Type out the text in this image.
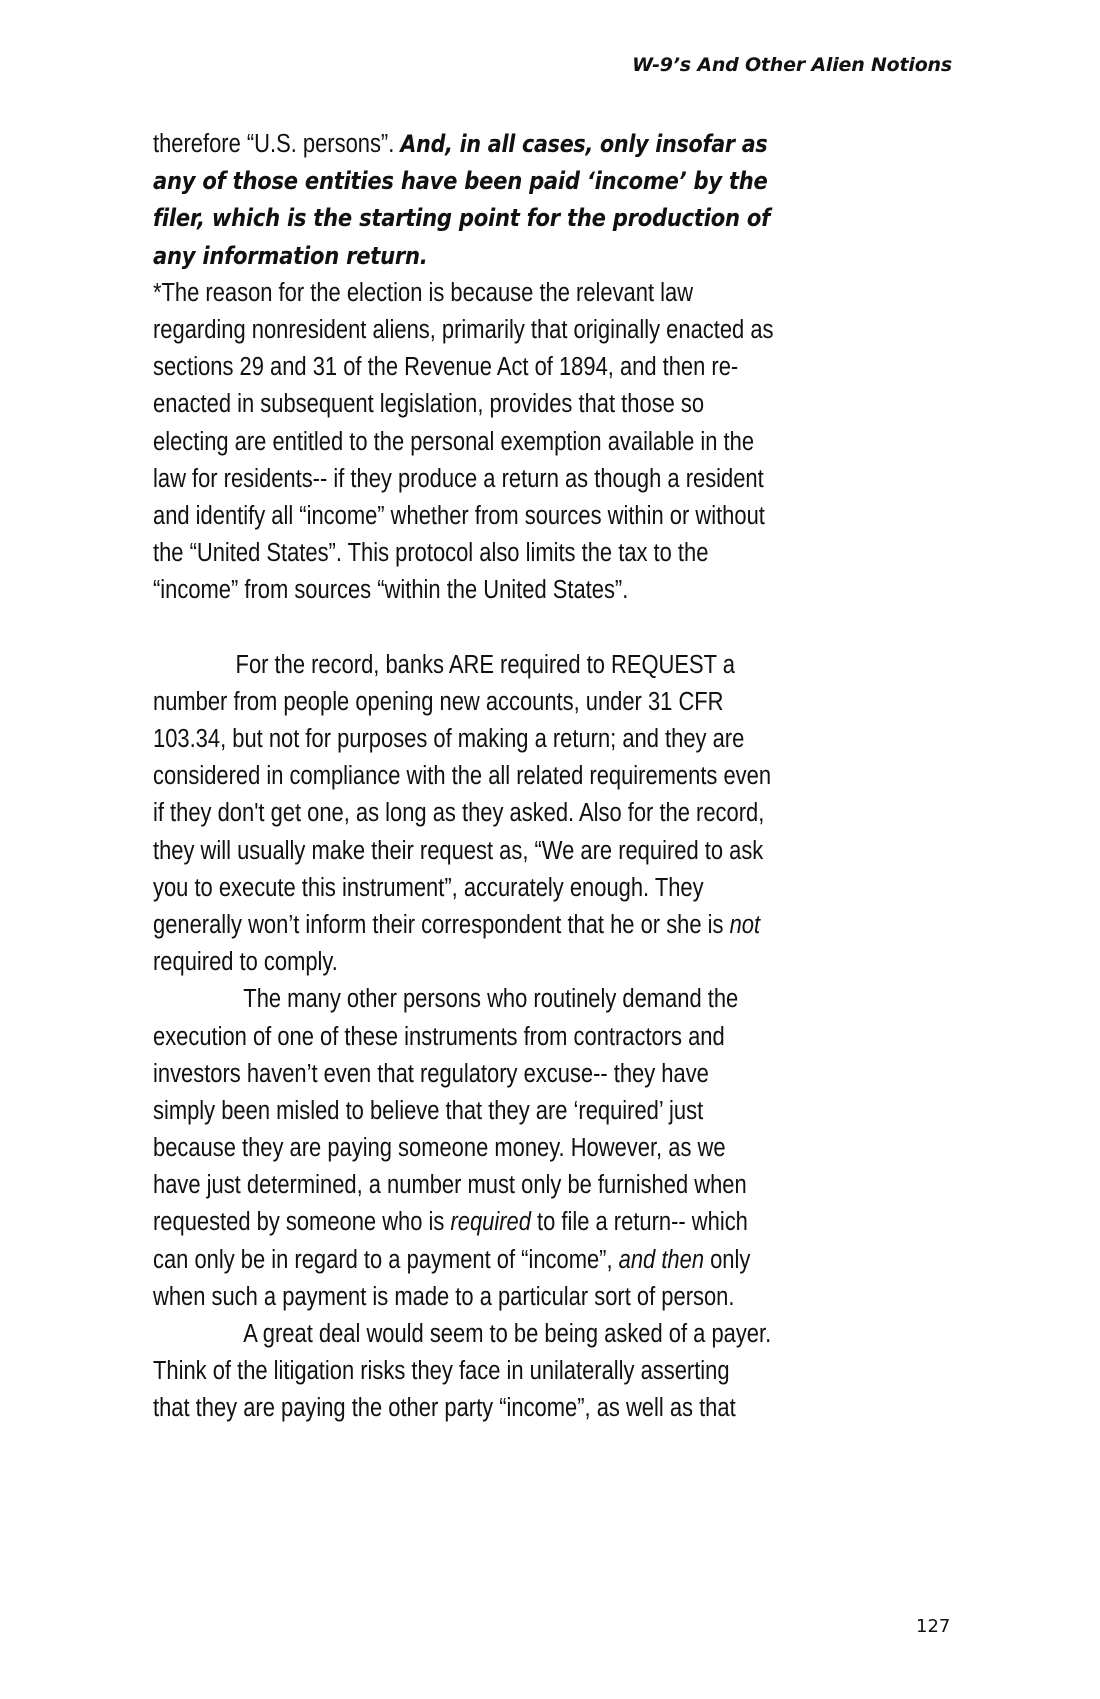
W-9’s And Other Alien Notions
therefore “U.S. persons”. And, in all cases, only insofar as
any of those entities have been paid ‘income’ by the
filer, which is the starting point for the production of
any information return.
*The reason for the election is because the relevant law
regarding nonresident aliens, primarily that originally enacted as
sections 29 and 31 of the Revenue Act of 1894, and then re-
enacted in subsequent legislation, provides that those so
electing are entitled to the personal exemption available in the
law for residents-- if they produce a return as though a resident
and identify all “income” whether from sources within or without
the “United States”. This protocol also limits the tax to the
“income” from sources “within the United States”.
For the record, banks ARE required to REQUEST a
number from people opening new accounts, under 31 CFR
103.34, but not for purposes of making a return; and they are
considered in compliance with the all related requirements even
if they don't get one, as long as they asked. Also for the record,
they will usually make their request as, “We are required to ask
you to execute this instrument”, accurately enough. They
generally won’t inform their correspondent that he or she is not
required to comply.
The many other persons who routinely demand the
execution of one of these instruments from contractors and
investors haven’t even that regulatory excuse-- they have
simply been misled to believe that they are ‘required’ just
because they are paying someone money. However, as we
have just determined, a number must only be furnished when
requested by someone who is required to file a return-- which
can only be in regard to a payment of “income”, and then only
when such a payment is made to a particular sort of person.
A great deal would seem to be being asked of a payer.
Think of the litigation risks they face in unilaterally asserting
that they are paying the other party “income”, as well as that
127
